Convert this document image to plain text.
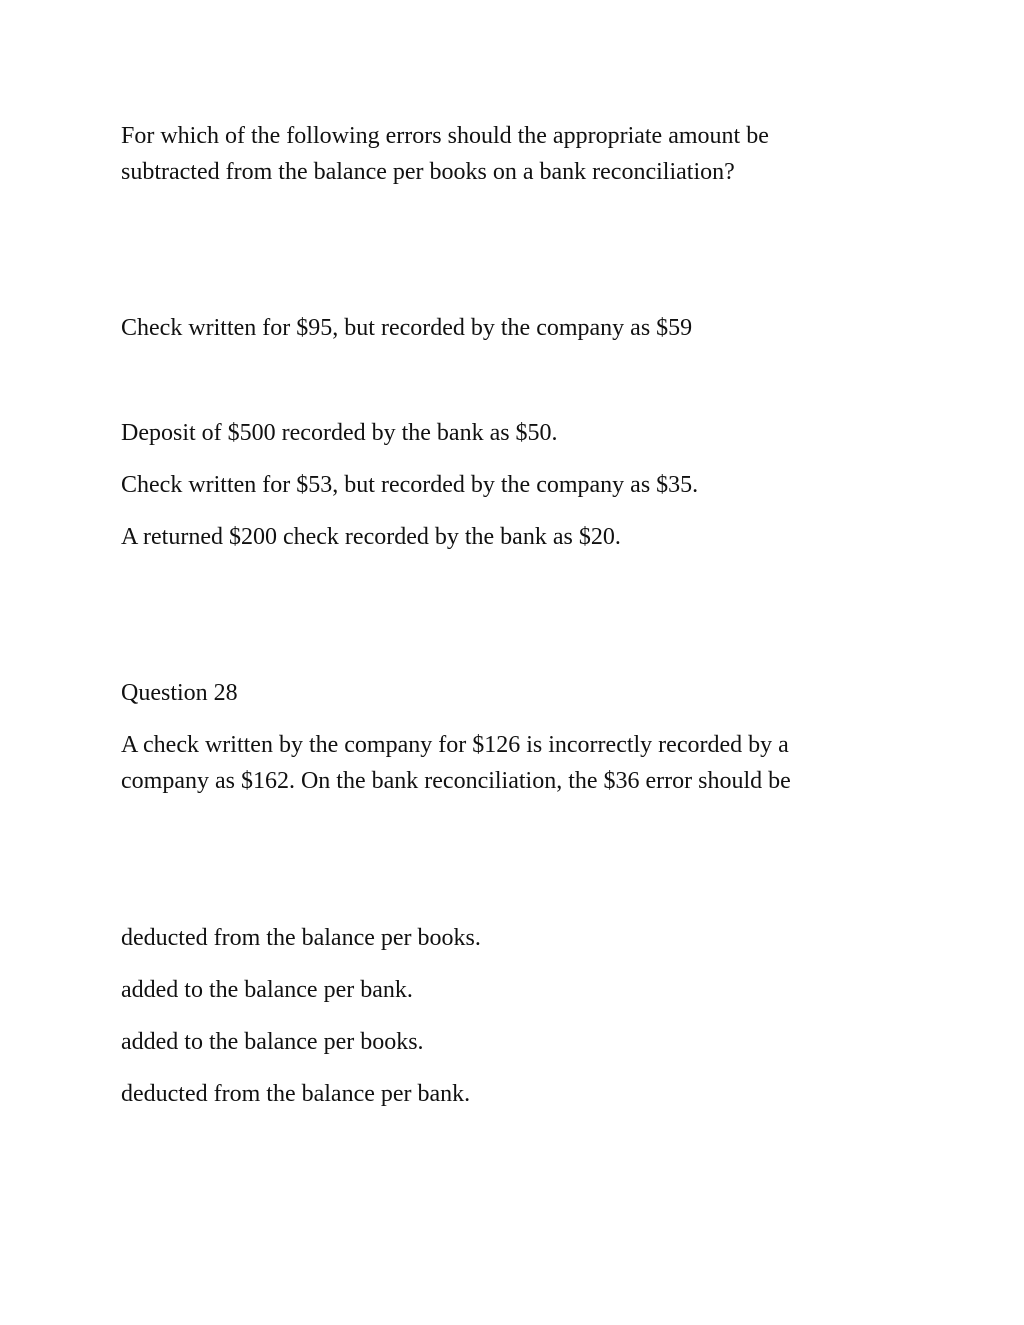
For which of the following errors should the appropriate amount be
subtracted from the balance per books on a bank reconciliation?
Check written for $95, but recorded by the company as $59
Deposit of $500 recorded by the bank as $50.
Check written for $53, but recorded by the company as $35.
A returned $200 check recorded by the bank as $20.
Question 28
A check written by the company for $126 is incorrectly recorded by a
company as $162. On the bank reconciliation, the $36 error should be
deducted from the balance per books.
added to the balance per bank.
added to the balance per books.
deducted from the balance per bank.
